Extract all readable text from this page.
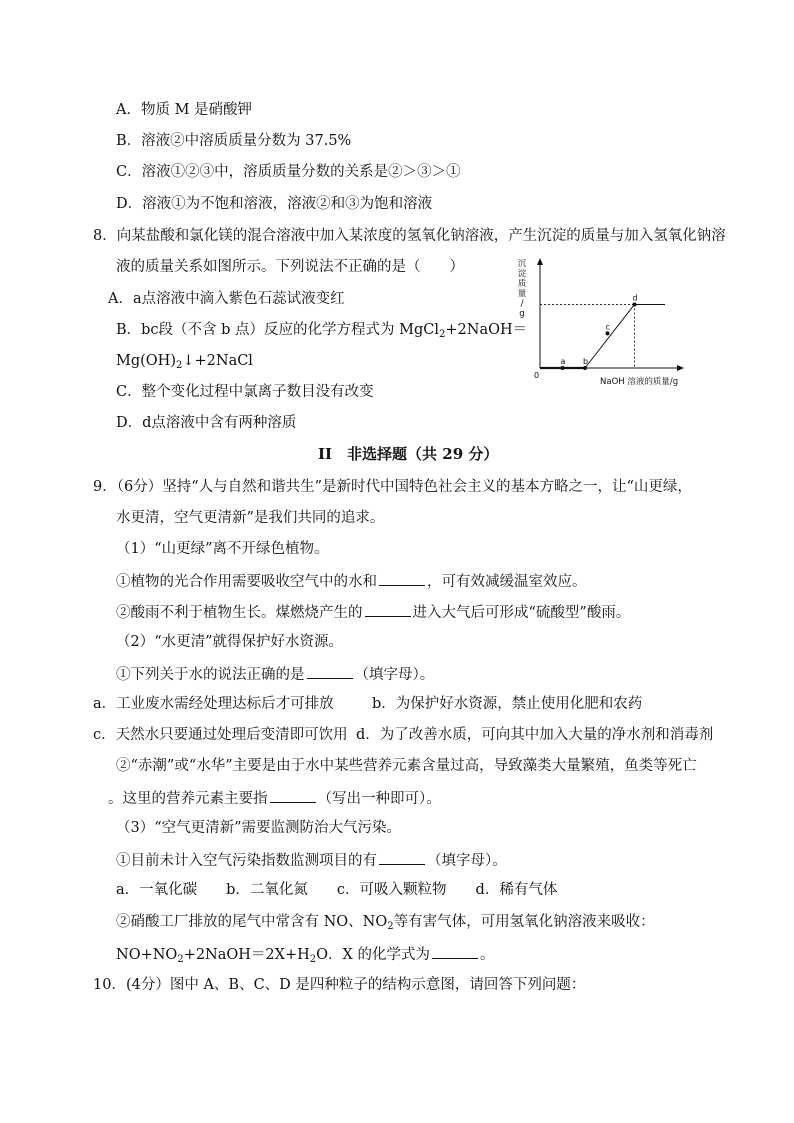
A．物质 M 是硝酸钾
B．溶液②中溶质质量分数为 37.5%
C．溶液①②③中，溶质质量分数的关系是②＞③＞①
D．溶液①为不饱和溶液，溶液②和③为饱和溶液
8．向某盐酸和氯化镁的混合溶液中加入某浓度的氢氧化钠溶液，产生沉淀的质量与加入氢氧化钠溶
液的质量关系如图所示。下列说法不正确的是（　　）
A．a点溶液中滴入紫色石蕊试液变红
B．bc段（不含 b 点）反应的化学方程式为 MgCl$_2$+2NaOH＝
$Mg(OH)_2↓+2NaCl$
C．整个变化过程中氯离子数目没有改变
D．d点溶液中含有两种溶质
沉
淀
质
量
/
g
0
NaOH 溶液的质量/g
a b
c
d
II　非选择题（共 29 分）
9．（6分）坚持“人与自然和谐共生”是新时代中国特色社会主义的基本方略之一，让“山更绿，
水更清，空气更清新”是我们共同的追求。
（1）“山更绿”离不开绿色植物。
①植物的光合作用需要吸收空气中的水和	，可有效减缓温室效应。
②酸雨不利于植物生长。煤燃烧产生的	进入大气后可形成“硫酸型”酸雨。
（2）“水更清”就得保护好水资源。
①下列关于水的说法正确的是	（填字母）。
a．工业废水需经处理达标后才可排放	b．为保护好水资源，禁止使用化肥和农药
c．天然水只要通过处理后变清即可饮用 d．为了改善水质，可向其中加入大量的净水剂和消毒剂
②“赤潮”或“水华”主要是由于水中某些营养元素含量过高，导致藻类大量繁殖，鱼类等死亡
。这里的营养元素主要指	（写出一种即可）。
（3）“空气更清新”需要监测防治大气污染。
①目前未计入空气污染指数监测项目的有	（填字母）。
a．一氧化碳　　b．二氧化氮　　c．可吸入颗粒物　　d．稀有气体
②硝酸工厂排放的尾气中常含有 NO、$NO_2$等有害气体，可用氢氧化钠溶液来吸收：
$NO+NO_2+2NaOH=2X+H_2O$．X 的化学式为	。
10．(4分）图中 A、B、C、D 是四种粒子的结构示意图，请回答下列问题：
